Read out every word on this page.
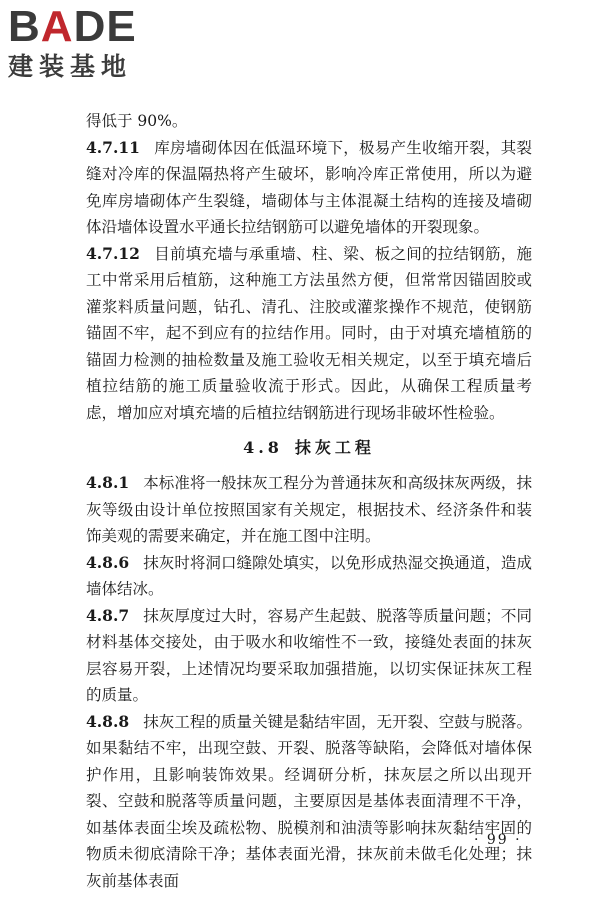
BADE
建装基地

得低于 90%。

4.7.11 库房墙砌体因在低温环境下，极易产生收缩开裂，其裂缝对冷库的保温隔热将产生破坏，影响冷库正常使用，所以为避免库房墙砌体产生裂缝，墙砌体与主体混凝土结构的连接及墙砌体沿墙体设置水平通长拉结钢筋可以避免墙体的开裂现象。

4.7.12 目前填充墙与承重墙、柱、梁、板之间的拉结钢筋，施工中常采用后植筋，这种施工方法虽然方便，但常常因锚固胶或灌浆料质量问题，钻孔、清孔、注胶或灌浆操作不规范，使钢筋锚固不牢，起不到应有的拉结作用。同时，由于对填充墙植筋的锚固力检测的抽检数量及施工验收无相关规定，以至于填充墙后植拉结筋的施工质量验收流于形式。因此，从确保工程质量考虑，增加应对填充墙的后植拉结钢筋进行现场非破坏性检验。

4.8 抹灰工程

4.8.1 本标准将一般抹灰工程分为普通抹灰和高级抹灰两级，抹灰等级由设计单位按照国家有关规定，根据技术、经济条件和装饰美观的需要来确定，并在施工图中注明。

4.8.6 抹灰时将洞口缝隙处填实，以免形成热湿交换通道，造成墙体结冰。

4.8.7 抹灰厚度过大时，容易产生起鼓、脱落等质量问题；不同材料基体交接处，由于吸水和收缩性不一致，接缝处表面的抹灰层容易开裂，上述情况均要采取加强措施，以切实保证抹灰工程的质量。

4.8.8 抹灰工程的质量关键是黏结牢固，无开裂、空鼓与脱落。如果黏结不牢，出现空鼓、开裂、脱落等缺陷，会降低对墙体保护作用，且影响装饰效果。经调研分析，抹灰层之所以出现开裂、空鼓和脱落等质量问题，主要原因是基体表面清理不干净，如基体表面尘埃及疏松物、脱模剂和油渍等影响抹灰黏结牢固的物质未彻底清除干净；基体表面光滑，抹灰前未做毛化处理；抹灰前基体表面

· 99 ·
